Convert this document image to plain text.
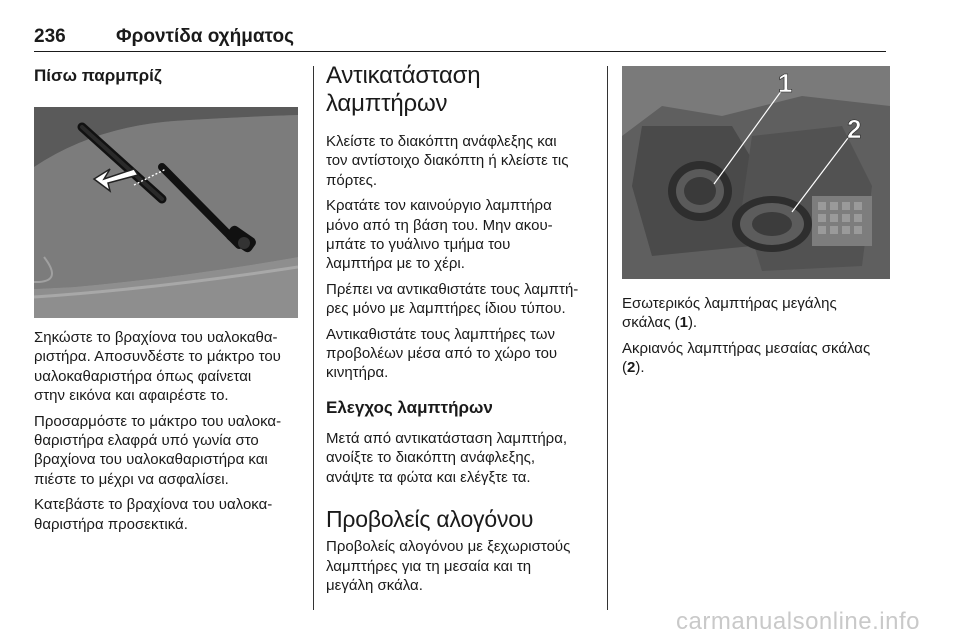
236	Φροντίδα οχήματος
Πίσω παρμπρίζ

Σηκώστε το βραχίονα του υαλοκαθα-
ριστήρα. Αποσυνδέστε το μάκτρο του
υαλοκαθαριστήρα όπως φαίνεται
στην εικόνα και αφαιρέστε το.

Προσαρμόστε το μάκτρο του υαλοκα-
θαριστήρα ελαφρά υπό γωνία στο
βραχίονα του υαλοκαθαριστήρα και
πιέστε το μέχρι να ασφαλίσει.

Κατεβάστε το βραχίονα του υαλοκα-
θαριστήρα προσεκτικά.

Αντικατάσταση
λαμπτήρων

Κλείστε το διακόπτη ανάφλεξης και
τον αντίστοιχο διακόπτη ή κλείστε τις
πόρτες.

Κρατάτε τον καινούργιο λαμπτήρα
μόνο από τη βάση του. Μην ακου-
μπάτε το γυάλινο τμήμα του
λαμπτήρα με το χέρι.

Πρέπει να αντικαθιστάτε τους λαμπτή-
ρες μόνο με λαμπτήρες ίδιου τύπου.

Αντικαθιστάτε τους λαμπτήρες των
προβολέων μέσα από το χώρο του
κινητήρα.

Ελεγχος λαμπτήρων

Μετά από αντικατάσταση λαμπτήρα,
ανοίξτε το διακόπτη ανάφλεξης,
ανάψτε τα φώτα και ελέγξτε τα.

Προβολείς αλογόνου

Προβολείς αλογόνου με ξεχωριστούς
λαμπτήρες για τη μεσαία και τη
μεγάλη σκάλα.

1
2

Εσωτερικός λαμπτήρας μεγάλης
σκάλας (1).

Ακριανός λαμπτήρας μεσαίας σκάλας
(2).

carmanualsonline.info
